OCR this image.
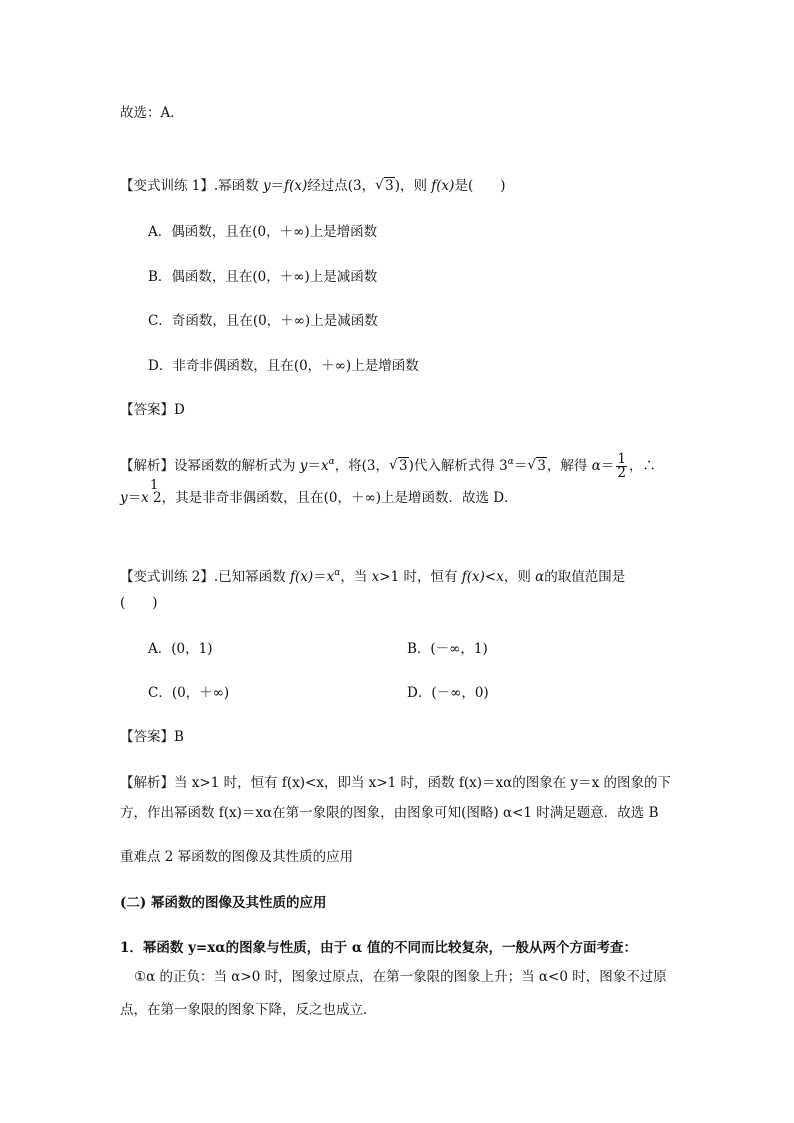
故选：A．
【变式训练 1】.幂函数 y＝f(x)经过点(3，√ 3)，则 f(x)是(　　)
A．偶函数，且在(0，＋∞)上是增函数
B．偶函数，且在(0，＋∞)上是减函数
C．奇函数，且在(0，＋∞)上是减函数
D．非奇非偶函数，且在(0，＋∞)上是增函数
【答案】D
【解析】设幂函数的解析式为 $y=x^\alpha$，将(3，√ 3)代入解析式得 $3^\alpha=√$ 3，解得 $\alpha= \frac{1}{2}$ ，∴
1
y＝x 2，其是非奇非偶函数，且在(0，＋∞)上是增函数．故选 D．
【变式训练 2】.已知幂函数 $f(x)=x^\alpha$，当 x>1 时，恒有 f(x)<x，则 α的取值范围是
(　　)
A．(0，1)	B．(－∞，1)
C．(0，＋∞)	D．(－∞，0)
【答案】B
【解析】当 x>1 时，恒有 f(x)<x，即当 x>1 时，函数 f(x)＝xα的图象在 y＝x 的图象的下
方，作出幂函数 f(x)＝xα在第一象限的图象，由图象可知(图略) α<1 时满足题意．故选 B
重难点 2 幂函数的图像及其性质的应用
(二) 幂函数的图像及其性质的应用
1．幂函数 y=xα的图象与性质，由于 α 值的不同而比较复杂，一般从两个方面考查：
①α 的正负：当 α>0 时，图象过原点，在第一象限的图象上升；当 α<0 时，图象不过原
点，在第一象限的图象下降，反之也成立．
